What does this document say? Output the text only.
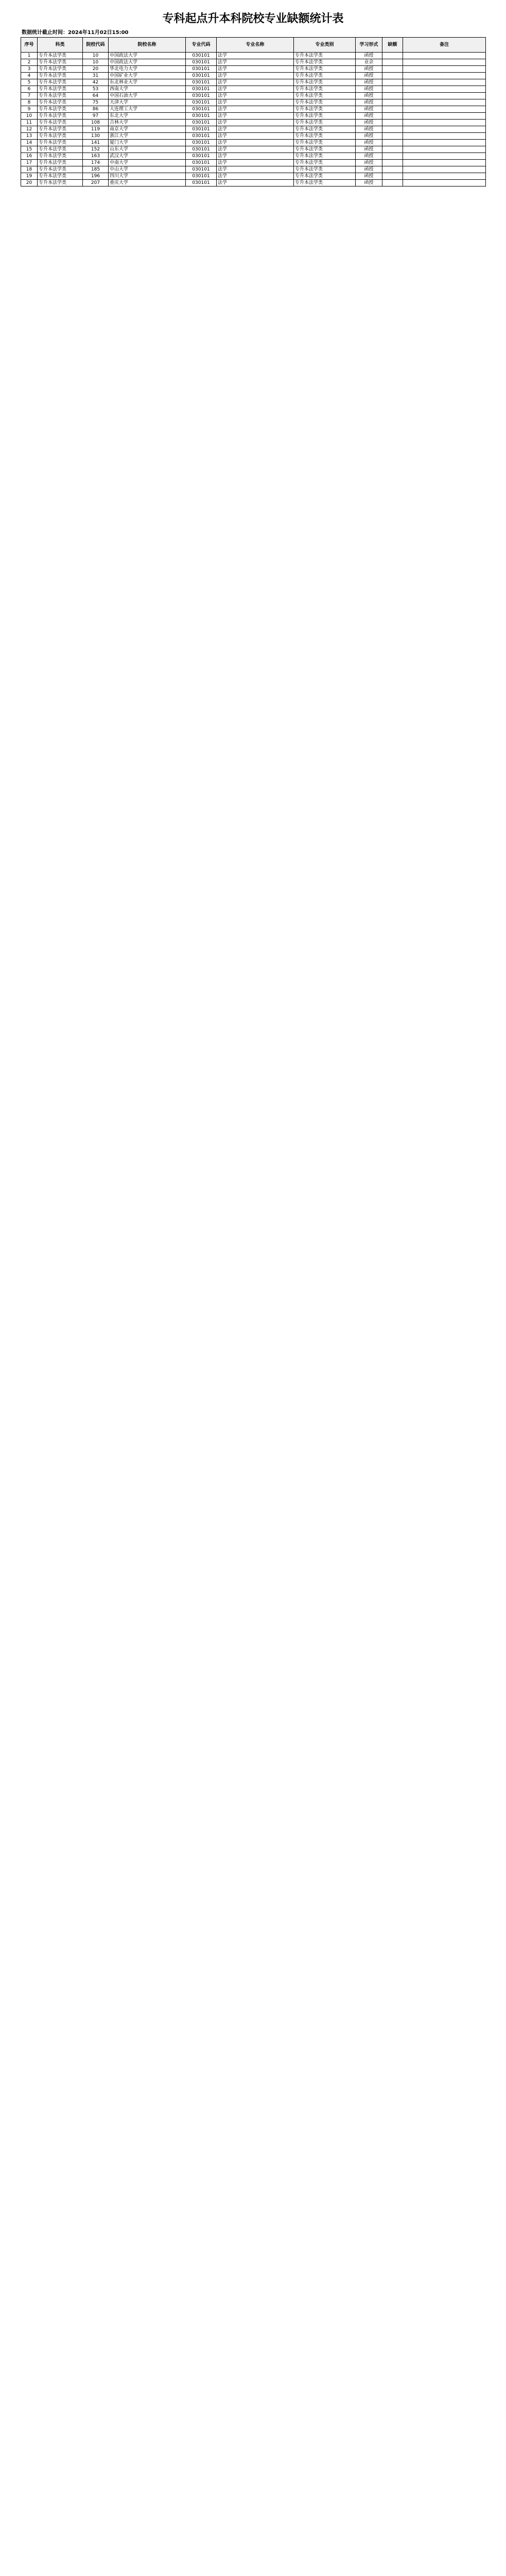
专科起点升本科院校专业缺额统计表
数据统计截止时间：2024年11月02日15:00
序号	科类	院校代码	院校名称	专业代码	专业名称	专业类别	学习形式	缺额	备注
1	专升本法学类	10	中国政法大学	030101	法学	专升本法学类	函授		
2	专升本法学类	10	中国政法大学	030101	法学	专升本法学类	业余		
3	专升本法学类	20	华北电力大学	030101	法学	专升本法学类	函授		
4	专升本法学类	31	中国矿业大学	030101	法学	专升本法学类	函授		
5	专升本法学类	42	东北林业大学	030101	法学	专升本法学类	函授		
6	专升本法学类	53	西南大学	030101	法学	专升本法学类	函授		
7	专升本法学类	64	中国石油大学	030101	法学	专升本法学类	函授		
8	专升本法学类	75	天津大学	030101	法学	专升本法学类	函授		
9	专升本法学类	86	大连理工大学	030101	法学	专升本法学类	函授		
10	专升本法学类	97	东北大学	030101	法学	专升本法学类	函授		
11	专升本法学类	108	吉林大学	030101	法学	专升本法学类	函授		
12	专升本法学类	119	南京大学	030101	法学	专升本法学类	函授		
13	专升本法学类	130	浙江大学	030101	法学	专升本法学类	函授		
14	专升本法学类	141	厦门大学	030101	法学	专升本法学类	函授		
15	专升本法学类	152	山东大学	030101	法学	专升本法学类	函授		
16	专升本法学类	163	武汉大学	030101	法学	专升本法学类	函授		
17	专升本法学类	174	中南大学	030101	法学	专升本法学类	函授		
18	专升本法学类	185	中山大学	030101	法学	专升本法学类	函授		
19	专升本法学类	196	四川大学	030101	法学	专升本法学类	函授		
20	专升本法学类	207	重庆大学	030101	法学	专升本法学类	函授		
